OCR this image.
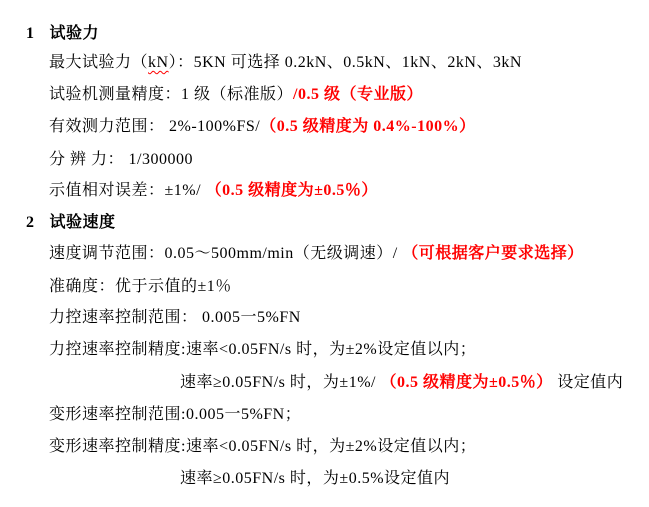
1 试验力

最大试验力（kN）：5KN 可选择 0.2kN、0.5kN、1kN、2kN、3kN

试验机测量精度：1 级（标准版）/0.5 级（专业版）

有效测力范围： 2%-100%FS/（0.5 级精度为 0.4%-100%）

分 辨 力： 1/300000

示值相对误差：±1%/ （0.5 级精度为±0.5％）

2 试验速度

速度调节范围：0.05～500mm/min（无级调速）/ （可根据客户要求选择）

准确度：优于示值的±1％

力控速率控制范围： 0.005一5%FN

力控速率控制精度:速率<0.05FN/s 时，为±2%设定值以内；

速率≥0.05FN/s 时，为±1%/ （0.5 级精度为±0.5％） 设定值内

变形速率控制范围:0.005一5%FN；

变形速率控制精度:速率<0.05FN/s 时，为±2%设定值以内；

速率≥0.05FN/s 时，为±0.5%设定值内
